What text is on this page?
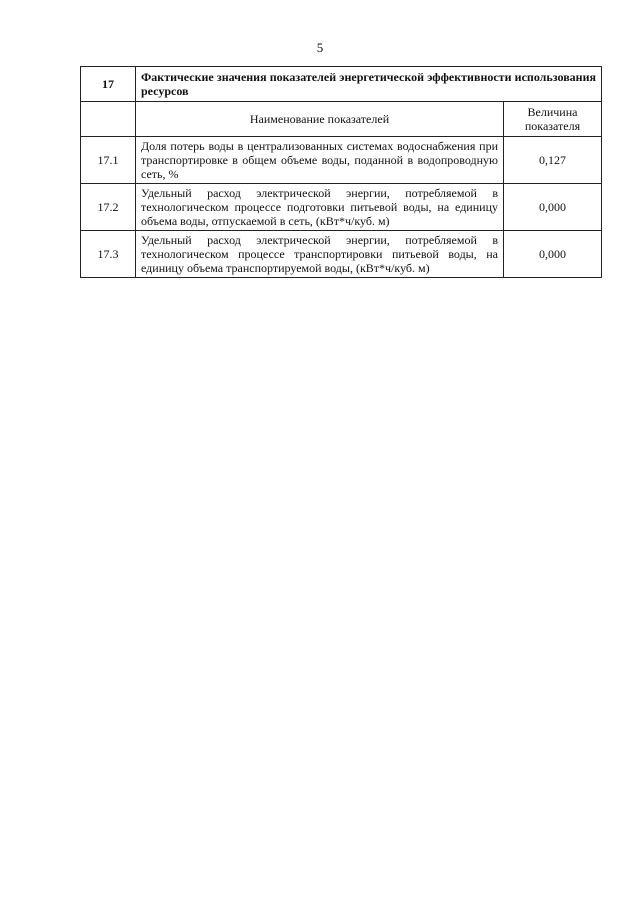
5
17	Фактические значения показателей энергетической эффективности использования ресурсов	
	Наименование показателей	Величина показателя
17.1	Доля потерь воды в централизованных системах водоснабжения при транспортировке в общем объеме воды, поданной в водопроводную сеть, %	0,127
17.2	Удельный расход электрической энергии, потребляемой в технологическом процессе подготовки питьевой воды, на единицу объема воды, отпускаемой в сеть, (кВт*ч/куб. м)	0,000
17.3	Удельный расход электрической энергии, потребляемой в технологическом процессе транспортировки питьевой воды, на единицу объема транспортируемой воды, (кВт*ч/куб. м)	0,000
